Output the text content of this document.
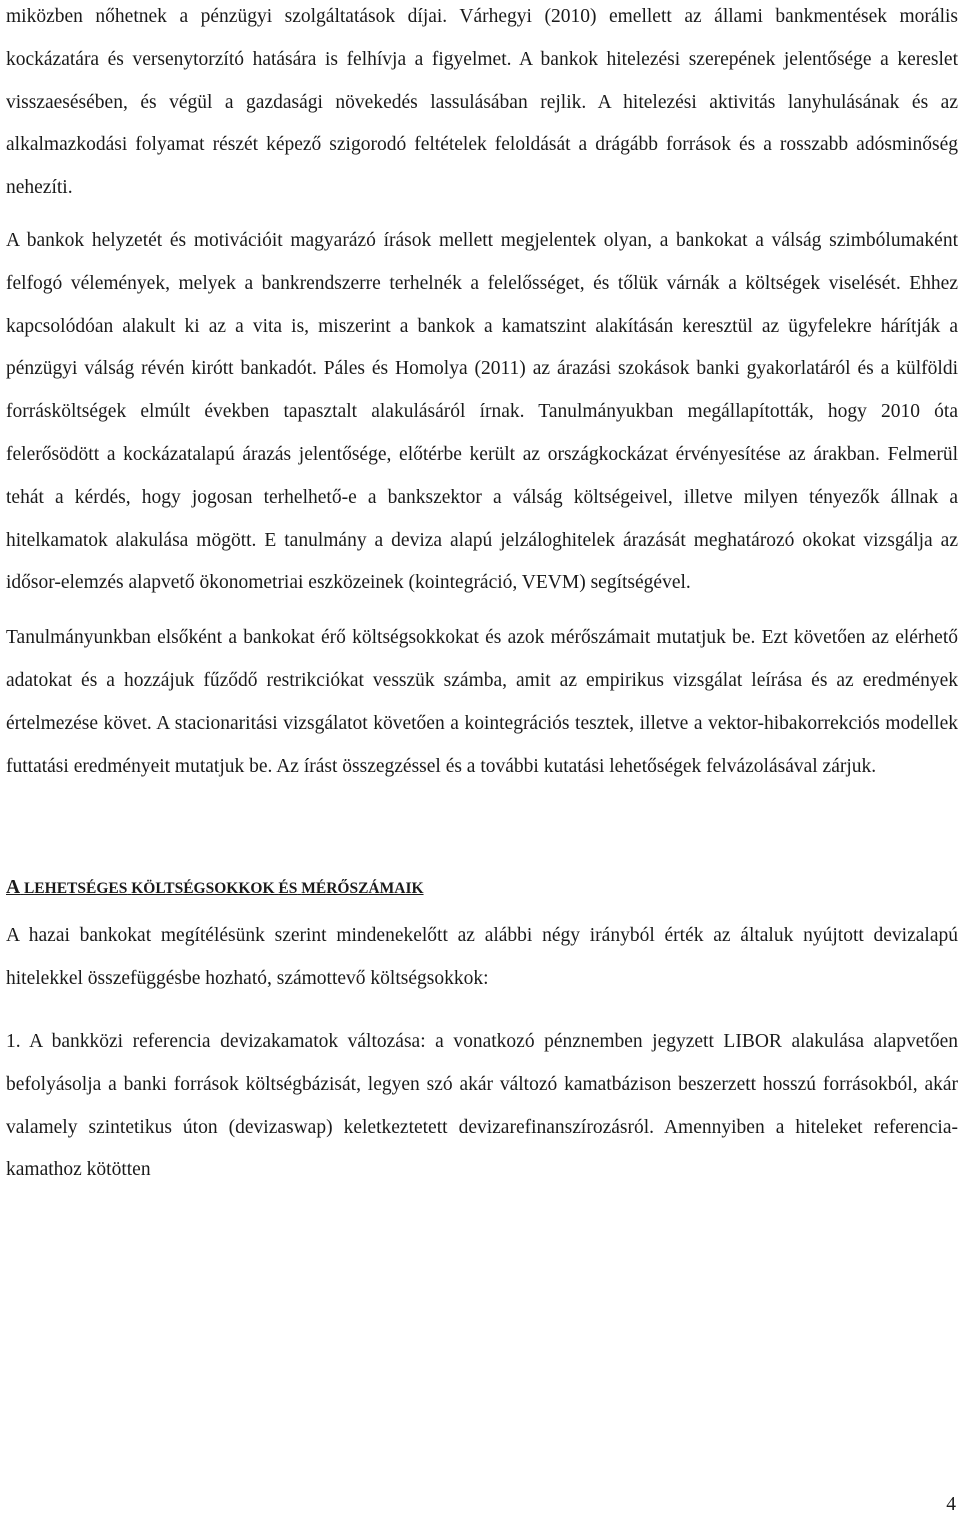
miközben nőhetnek a pénzügyi szolgáltatások díjai. Várhegyi (2010) emellett az állami bankmentések morális kockázatára és versenytorzító hatására is felhívja a figyelmet. A bankok hitelezési szerepének jelentősége a kereslet visszaesésében, és végül a gazdasági növekedés lassulásában rejlik. A hitelezési aktivitás lanyhulásának és az alkalmazkodási folyamat részét képező szigorodó feltételek feloldását a drágább források és a rosszabb adósminőség nehezíti.

A bankok helyzetét és motivációit magyarázó írások mellett megjelentek olyan, a bankokat a válság szimbólumaként felfogó vélemények, melyek a bankrendszerre terhelnék a felelősséget, és tőlük várnák a költségek viselését. Ehhez kapcsolódóan alakult ki az a vita is, miszerint a bankok a kamatszint alakításán keresztül az ügyfelekre hárítják a pénzügyi válság révén kirótt bankadót. Páles és Homolya (2011) az árazási szokások banki gyakorlatáról és a külföldi forrásköltségek elmúlt években tapasztalt alakulásáról írnak. Tanulmányukban megállapították, hogy 2010 óta felerősödött a kockázatalapú árazás jelentősége, előtérbe került az országkockázat érvényesítése az árakban. Felmerül tehát a kérdés, hogy jogosan terhelhető-e a bankszektor a válság költségeivel, illetve milyen tényezők állnak a hitelkamatok alakulása mögött. E tanulmány a deviza alapú jelzáloghitelek árazását meghatározó okokat vizsgálja az idősor-elemzés alapvető ökonometriai eszközeinek (kointegráció, VEVM) segítségével.

Tanulmányunkban elsőként a bankokat érő költségsokkokat és azok mérőszámait mutatjuk be. Ezt követően az elérhető adatokat és a hozzájuk fűződő restrikciókat vesszük számba, amit az empirikus vizsgálat leírása és az eredmények értelmezése követ. A stacionaritási vizsgálatot követően a kointegrációs tesztek, illetve a vektor-hibakorrekciós modellek futtatási eredményeit mutatjuk be. Az írást összegzéssel és a további kutatási lehetőségek felvázolásával zárjuk.

A LEHETSÉGES KÖLTSÉGSOKKOK ÉS MÉRŐSZÁMAIK

A hazai bankokat megítélésünk szerint mindenekelőtt az alábbi négy irányból érték az általuk nyújtott devizalapú hitelekkel összefüggésbe hozható, számottevő költségsokkok:

1. A bankközi referencia devizakamatok változása: a vonatkozó pénznemben jegyzett LIBOR alakulása alapvetően befolyásolja a banki források költségbázisát, legyen szó akár változó kamatbázison beszerzett hosszú forrásokból, akár valamely szintetikus úton (devizaswap) keletkeztetett devizarefinanszírozásról. Amennyiben a hiteleket referencia-kamathoz kötötten

4
